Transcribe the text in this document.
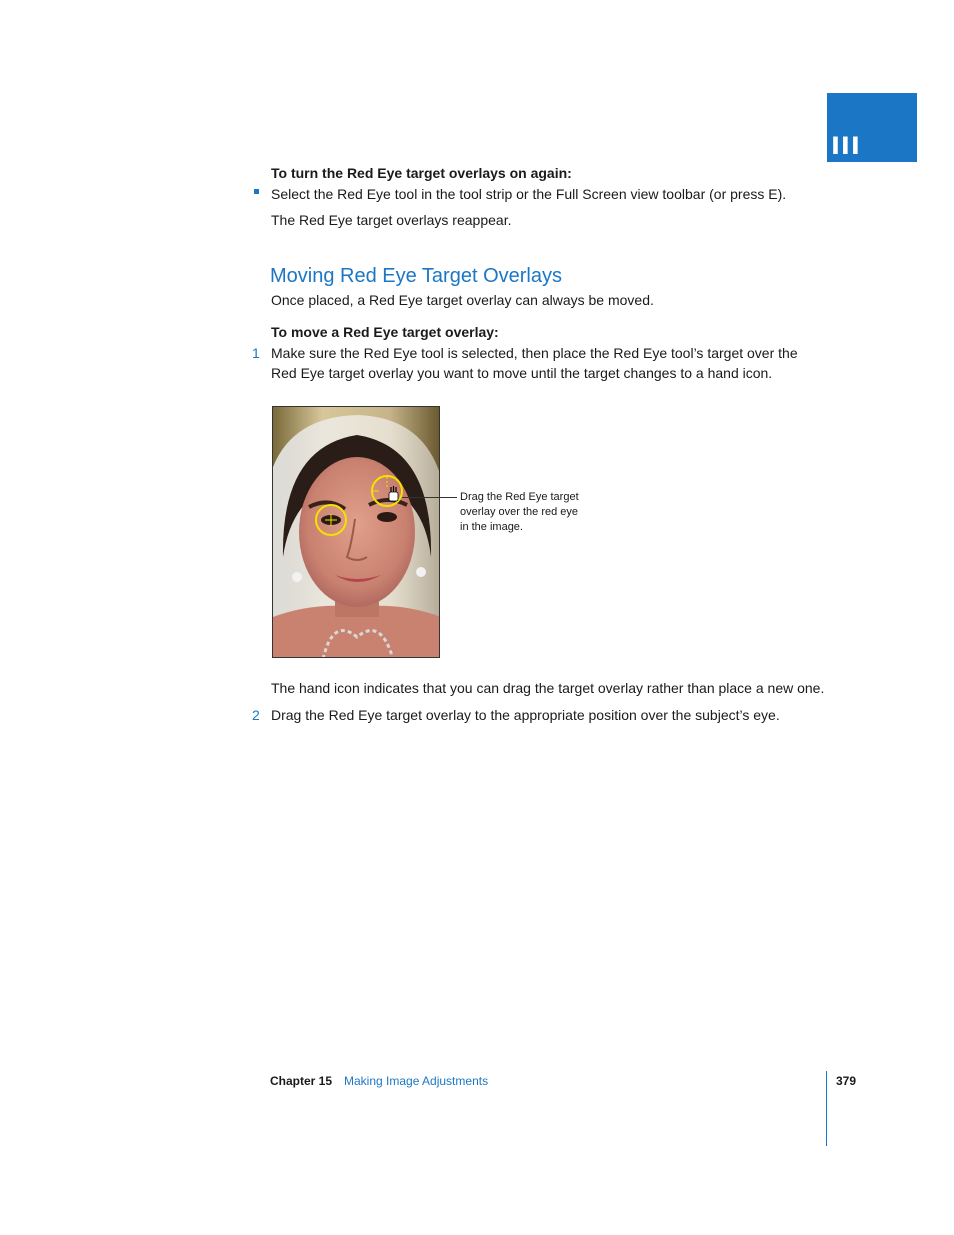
III
To turn the Red Eye target overlays on again:
Select the Red Eye tool in the tool strip or the Full Screen view toolbar (or press E).
The Red Eye target overlays reappear.
Moving Red Eye Target Overlays
Once placed, a Red Eye target overlay can always be moved.
To move a Red Eye target overlay:
1 Make sure the Red Eye tool is selected, then place the Red Eye tool’s target over the
Red Eye target overlay you want to move until the target changes to a hand icon.
Drag the Red Eye target
overlay over the red eye
in the image.
The hand icon indicates that you can drag the target overlay rather than place a new one.
2 Drag the Red Eye target overlay to the appropriate position over the subject’s eye.
Chapter 15 Making Image Adjustments	379
